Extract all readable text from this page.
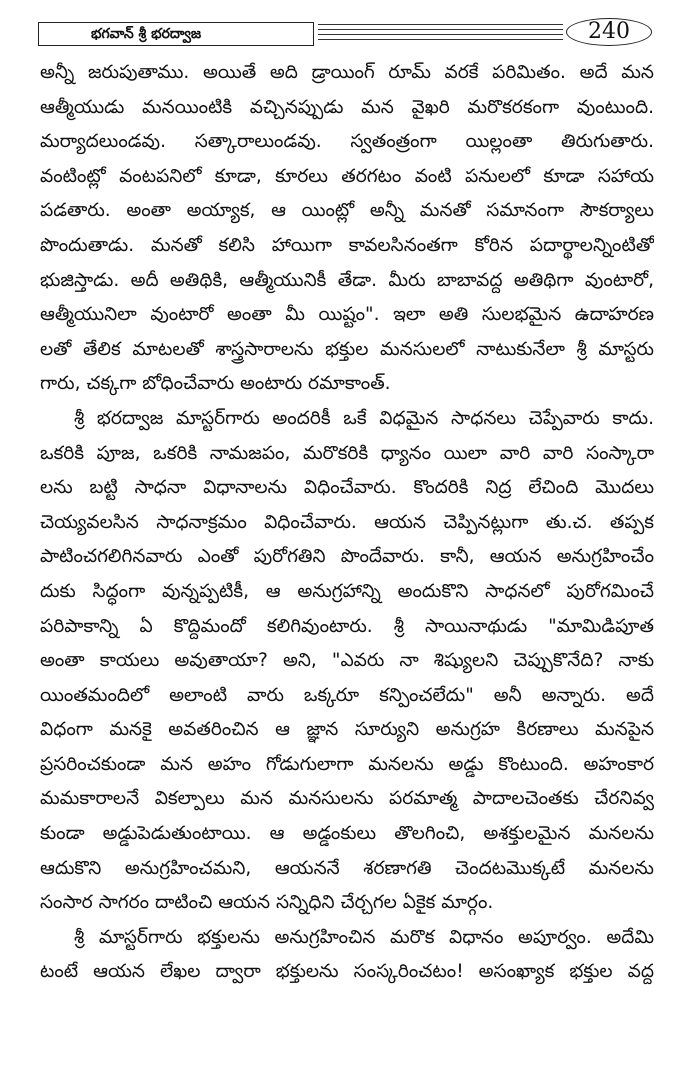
భగవాన్ శ్రీ భరద్వాజ	240
అన్నీ జరుపుతాము. అయితే అది డ్రాయింగ్ రూమ్ వరకే పరిమితం. అదే మన
ఆత్మీయుడు మనయింటికి వచ్చినప్పుడు మన వైఖరి మరొకరకంగా వుంటుంది.
మర్యాదలుండవు. సత్కారాలుండవు. స్వతంత్రంగా యిల్లంతా తిరుగుతారు.
వంటింట్లో వంటపనిలో కూడా, కూరలు తరగటం వంటి పనులలో కూడా సహాయ
పడతారు. అంతా అయ్యాక, ఆ యింట్లో అన్నీ మనతో సమానంగా సౌకర్యాలు
పొందుతాడు. మనతో కలిసి హాయిగా కావలసినంతగా కోరిన పదార్థాలన్నింటితో
భుజిస్తాడు. అదీ అతిథికి, ఆత్మీయునికీ తేడా. మీరు బాబావద్ద అతిథిగా వుంటారో,
ఆత్మీయునిలా వుంటారో అంతా మీ యిష్టం". ఇలా అతి సులభమైన ఉదాహరణ
లతో తేలిక మాటలతో శాస్త్రసారాలను భక్తుల మనసులలో నాటుకునేలా శ్రీ మాస్టరు
గారు, చక్కగా బోధించేవారు అంటారు రమాకాంత్.
శ్రీ భరద్వాజ మాస్టర్‌గారు అందరికీ ఒకే విధమైన సాధనలు చెప్పేవారు కాదు.
ఒకరికి పూజ, ఒకరికి నామజపం, మరొకరికి ధ్యానం యిలా వారి వారి సంస్కారా
లను బట్టి సాధనా విధానాలను విధించేవారు. కొందరికి నిద్ర లేచింది మొదలు
చెయ్యవలసిన సాధనాక్రమం విధించేవారు. ఆయన చెప్పినట్లుగా తు.చ. తప్పక
పాటించగలిగినవారు ఎంతో పురోగతిని పొందేవారు. కానీ, ఆయన అనుగ్రహించేం
దుకు సిద్ధంగా వున్నప్పటికీ, ఆ అనుగ్రహాన్ని అందుకొని సాధనలో పురోగమించే
పరిపాకాన్ని ఏ కొద్దిమందో కలిగివుంటారు. శ్రీ సాయినాథుడు "మామిడిపూత
అంతా కాయలు అవుతాయా? అని, "ఎవరు నా శిష్యులని చెప్పుకొనేది? నాకు
యింతమందిలో అలాంటి వారు ఒక్కరూ కన్పించలేదు" అనీ అన్నారు. అదే
విధంగా మనకై అవతరించిన ఆ జ్ఞాన సూర్యుని అనుగ్రహ కిరణాలు మనపైన
ప్రసరించకుండా మన అహం గోడుగులాగా మనలను అడ్డు కొంటుంది. అహంకార
మమకారాలనే వికల్పాలు మన మనసులను పరమాత్మ పాదాలచెంతకు చేరనివ్వ
కుండా అడ్డుపెడుతుంటాయి. ఆ అడ్డంకులు తొలగించి, అశక్తులమైన మనలను
ఆదుకొని అనుగ్రహించమని, ఆయననే శరణాగతి చెందటమొక్కటే మనలను
సంసార సాగరం దాటించి ఆయన సన్నిధిని చేర్చగల ఏకైక మార్గం.
శ్రీ మాస్టర్‌గారు భక్తులను అనుగ్రహించిన మరొక విధానం అపూర్వం. అదేమి
టంటే ఆయన లేఖల ద్వారా భక్తులను సంస్కరించటం! అసంఖ్యాక భక్తుల వద్ద
